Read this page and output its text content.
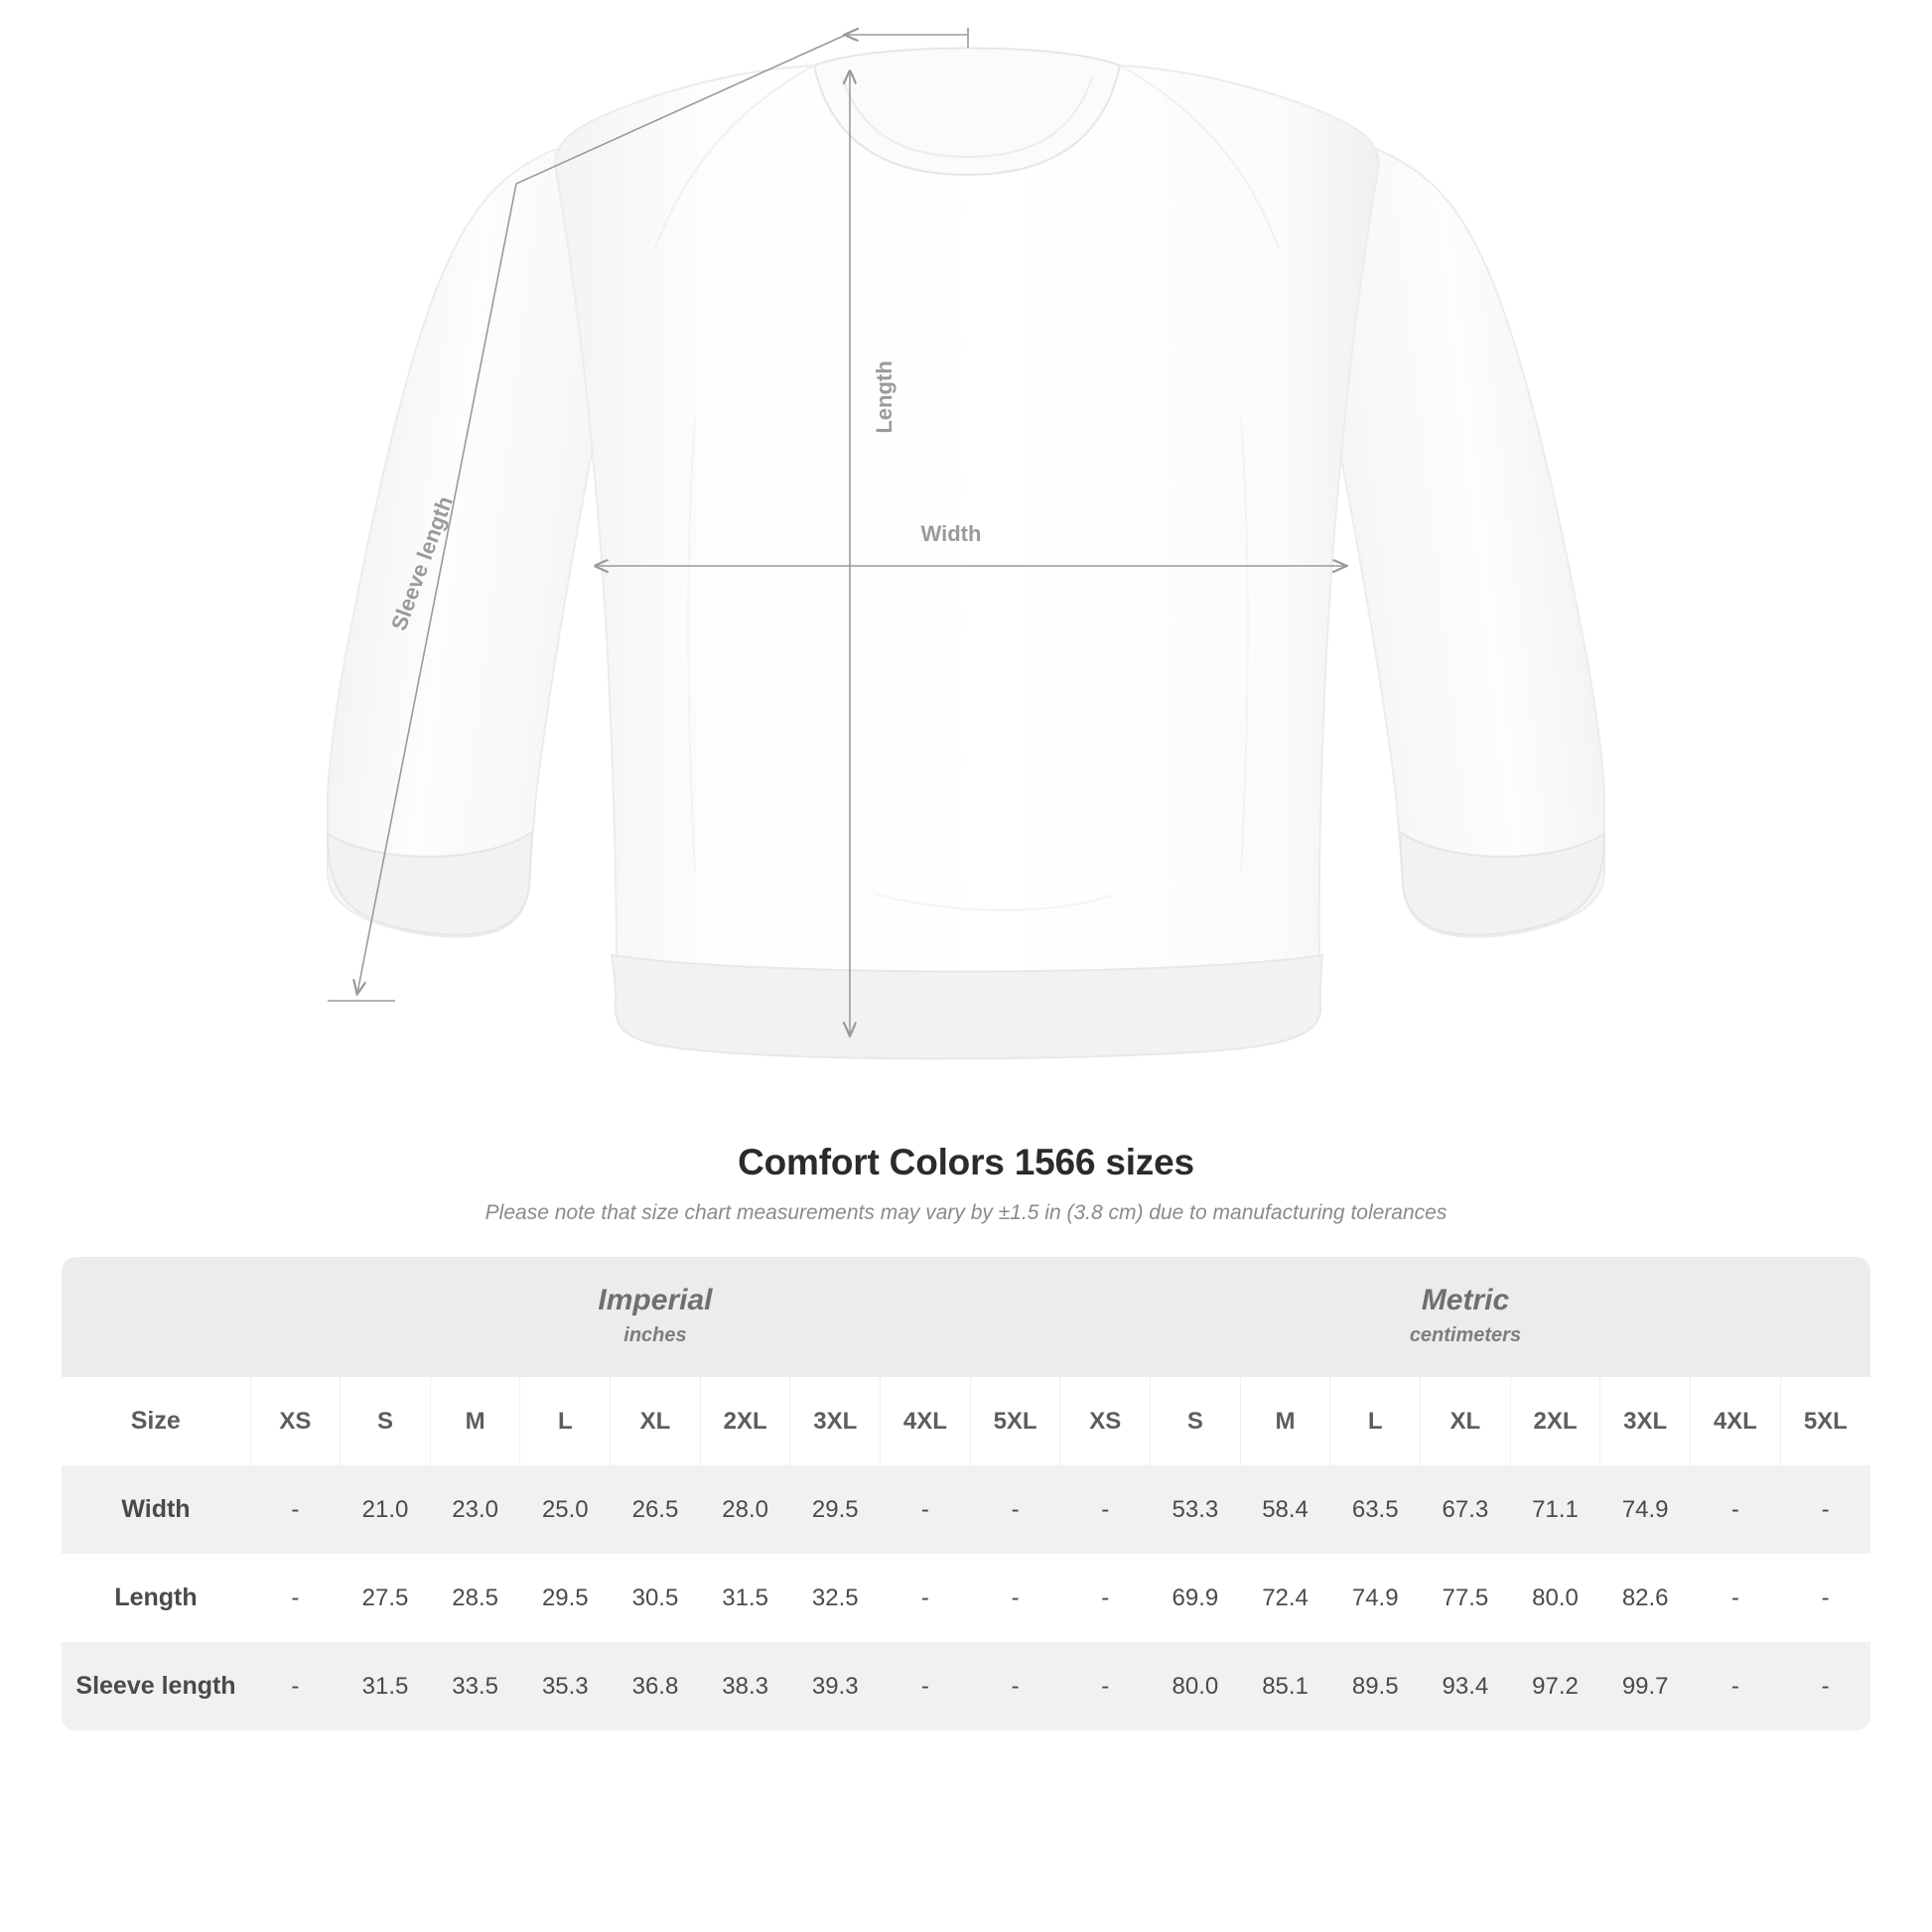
Length
Width
Sleeve length
Comfort Colors 1566 sizes
Please note that size chart measurements may vary by ±1.5 in (3.8 cm) due to manufacturing tolerances

Imperial
inches

Metric
centimeters

Size	XS	S	M	L	XL	2XL	3XL	4XL	5XL	XS	S	M	L	XL	2XL	3XL	4XL	5XL
Width	-	21.0	23.0	25.0	26.5	28.0	29.5	-	-	-	53.3	58.4	63.5	67.3	71.1	74.9	-	-
Length	-	27.5	28.5	29.5	30.5	31.5	32.5	-	-	-	69.9	72.4	74.9	77.5	80.0	82.6	-	-
Sleeve length	-	31.5	33.5	35.3	36.8	38.3	39.3	-	-	-	80.0	85.1	89.5	93.4	97.2	99.7	-	-
